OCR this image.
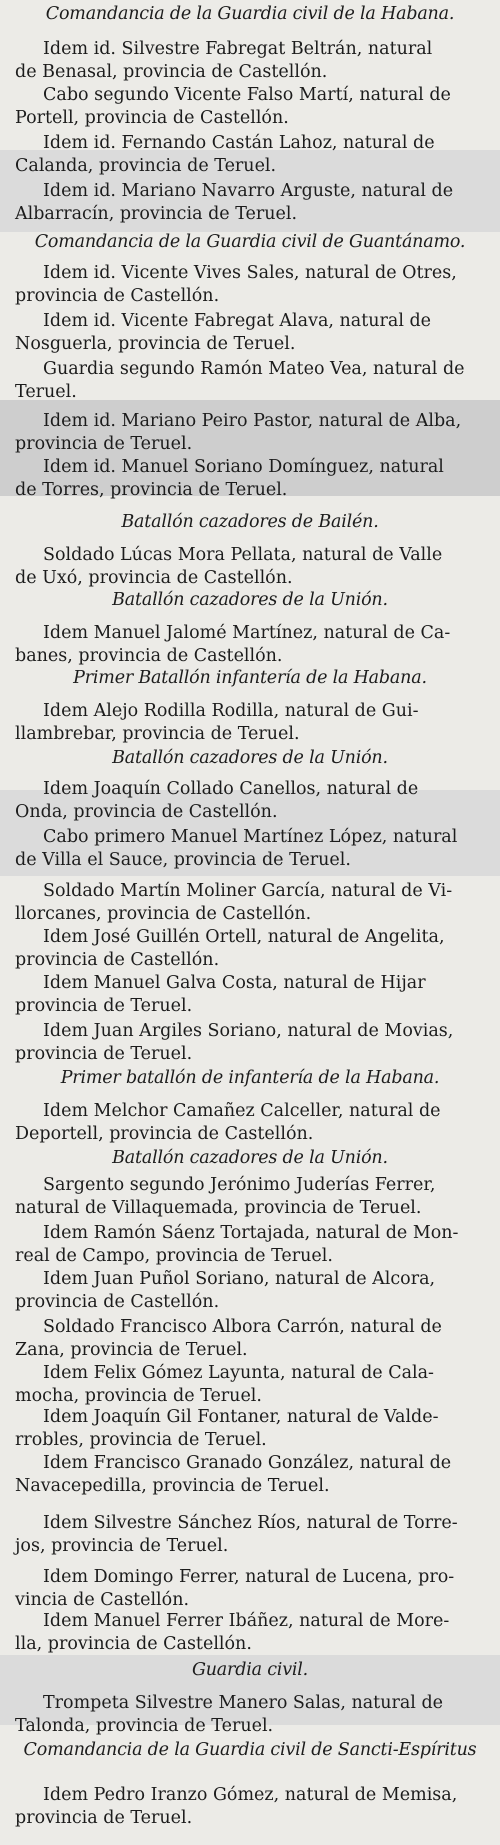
Comandancia de la Guardia civil de la Habana.
Idem id. Silvestre Fabregat Beltrán, natural
de Benasal, provincia de Castellón.
Cabo segundo Vicente Falso Martí, natural de
Portell, provincia de Castellón.
Idem id. Fernando Castán Lahoz, natural de
Calanda, provincia de Teruel.
Idem id. Mariano Navarro Arguste, natural de
Albarracín, provincia de Teruel.
Comandancia de la Guardia civil de Guantánamo.
Idem id. Vicente Vives Sales, natural de Otres,
provincia de Castellón.
Idem id. Vicente Fabregat Alava, natural de
Nosguerla, provincia de Teruel.
Guardia segundo Ramón Mateo Vea, natural de
Teruel.
Idem id. Mariano Peiro Pastor, natural de Alba,
provincia de Teruel.
Idem id. Manuel Soriano Domínguez, natural
de Torres, provincia de Teruel.
Batallón cazadores de Bailén.
Soldado Lúcas Mora Pellata, natural de Valle
de Uxó, provincia de Castellón.
Batallón cazadores de la Unión.
Idem Manuel Jalomé Martínez, natural de Ca-
banes, provincia de Castellón.
Primer Batallón infantería de la Habana.
Idem Alejo Rodilla Rodilla, natural de Gui-
llambrebar, provincia de Teruel.
Batallón cazadores de la Unión.
Idem Joaquín Collado Canellos, natural de
Onda, provincia de Castellón.
Cabo primero Manuel Martínez López, natural
de Villa el Sauce, provincia de Teruel.
Soldado Martín Moliner García, natural de Vi-
llorcanes, provincia de Castellón.
Idem José Guillén Ortell, natural de Angelita,
provincia de Castellón.
Idem Manuel Galva Costa, natural de Hijar
provincia de Teruel.
Idem Juan Argiles Soriano, natural de Movias,
provincia de Teruel.
Primer batallón de infantería de la Habana.
Idem Melchor Camañez Calceller, natural de
Deportell, provincia de Castellón.
Batallón cazadores de la Unión.
Sargento segundo Jerónimo Juderías Ferrer,
natural de Villaquemada, provincia de Teruel.
Idem Ramón Sáenz Tortajada, natural de Mon-
real de Campo, provincia de Teruel.
Idem Juan Puñol Soriano, natural de Alcora,
provincia de Castellón.
Soldado Francisco Albora Carrón, natural de
Zana, provincia de Teruel.
Idem Felix Gómez Layunta, natural de Cala-
mocha, provincia de Teruel.
Idem Joaquín Gil Fontaner, natural de Valde-
rrobles, provincia de Teruel.
Idem Francisco Granado González, natural de
Navacepedilla, provincia de Teruel.
Idem Silvestre Sánchez Ríos, natural de Torre-
jos, provincia de Teruel.
Idem Domingo Ferrer, natural de Lucena, pro-
vincia de Castellón.
Idem Manuel Ferrer Ibáñez, natural de More-
lla, provincia de Castellón.
Guardia civil.
Trompeta Silvestre Manero Salas, natural de
Talonda, provincia de Teruel.
Comandancia de la Guardia civil de Sancti-Espíritus
Idem Pedro Iranzo Gómez, natural de Memisa,
provincia de Teruel.
